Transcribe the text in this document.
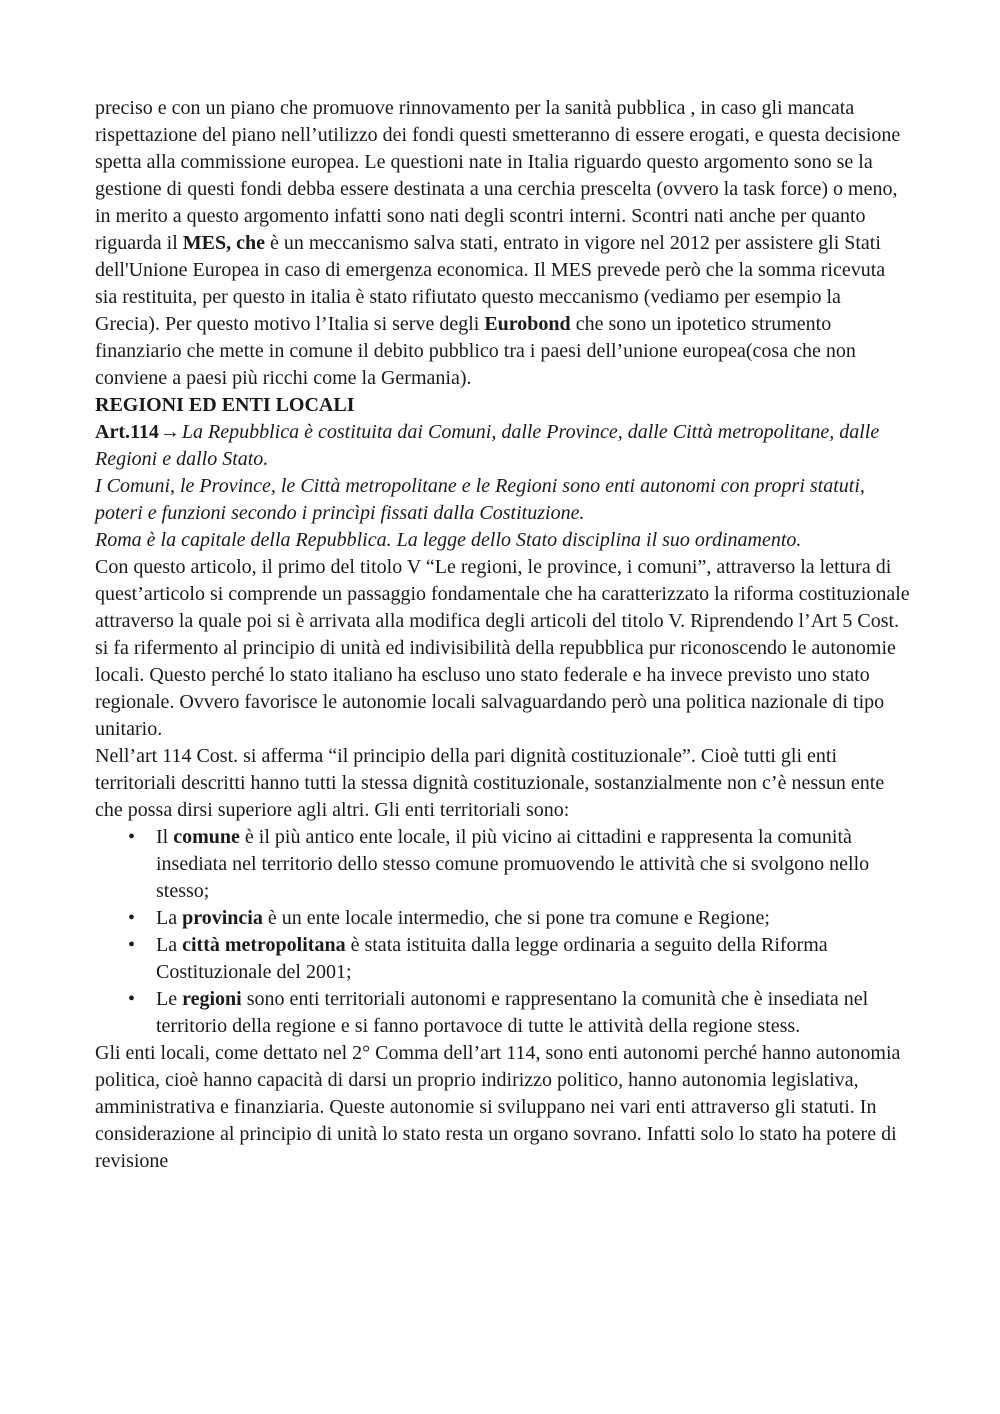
preciso e con un piano che promuove rinnovamento per la sanità pubblica , in caso gli mancata rispettazione del piano nell’utilizzo dei fondi questi smetteranno di essere erogati, e questa decisione spetta alla commissione europea. Le questioni nate in Italia riguardo questo argomento sono se la gestione di questi fondi debba essere destinata a una cerchia prescelta (ovvero la task force) o meno, in merito a questo argomento infatti sono nati degli scontri interni. Scontri nati anche per quanto riguarda il MES, che è un meccanismo salva stati, entrato in vigore nel 2012 per assistere gli Stati dell'Unione Europea in caso di emergenza economica. Il MES prevede però che la somma ricevuta sia restituita, per questo in italia è stato rifiutato questo meccanismo (vediamo per esempio la Grecia). Per questo motivo l’Italia si serve degli Eurobond che sono un ipotetico strumento finanziario che mette in comune il debito pubblico tra i paesi dell’unione europea(cosa che non conviene a paesi più ricchi come la Germania).

REGIONI ED ENTI LOCALI

Art.114→ La Repubblica è costituita dai Comuni, dalle Province, dalle Città metropolitane, dalle Regioni e dallo Stato.

I Comuni, le Province, le Città metropolitane e le Regioni sono enti autonomi con propri statuti, poteri e funzioni secondo i princìpi fissati dalla Costituzione.

Roma è la capitale della Repubblica. La legge dello Stato disciplina il suo ordinamento.

Con questo articolo, il primo del titolo V “Le regioni, le province, i comuni”, attraverso la lettura di quest’articolo si comprende un passaggio fondamentale che ha caratterizzato la riforma costituzionale attraverso la quale poi si è arrivata alla modifica degli articoli del titolo V. Riprendendo l’Art 5 Cost. si fa rifermento al principio di unità ed indivisibilità della repubblica pur riconoscendo le autonomie locali. Questo perché lo stato italiano ha escluso uno stato federale e ha invece previsto uno stato regionale. Ovvero favorisce le autonomie locali salvaguardando però una politica nazionale di tipo unitario.

Nell’art 114 Cost. si afferma “il principio della pari dignità costituzionale”. Cioè tutti gli enti territoriali descritti hanno tutti la stessa dignità costituzionale, sostanzialmente non c’è nessun ente che possa dirsi superiore agli altri. Gli enti territoriali sono:

• Il comune è il più antico ente locale, il più vicino ai cittadini e rappresenta la comunità insediata nel territorio dello stesso comune promuovendo le attività che si svolgono nello stesso;
• La provincia è un ente locale intermedio, che si pone tra comune e Regione;
• La città metropolitana è stata istituita dalla legge ordinaria a seguito della Riforma Costituzionale del 2001;
• Le regioni sono enti territoriali autonomi e rappresentano la comunità che è insediata nel territorio della regione e si fanno portavoce di tutte le attività della regione stess.

Gli enti locali, come dettato nel 2° Comma dell’art 114, sono enti autonomi perché hanno autonomia politica, cioè hanno capacità di darsi un proprio indirizzo politico, hanno autonomia legislativa, amministrativa e finanziaria. Queste autonomie si sviluppano nei vari enti attraverso gli statuti. In considerazione al principio di unità lo stato resta un organo sovrano. Infatti solo lo stato ha potere di revisione
